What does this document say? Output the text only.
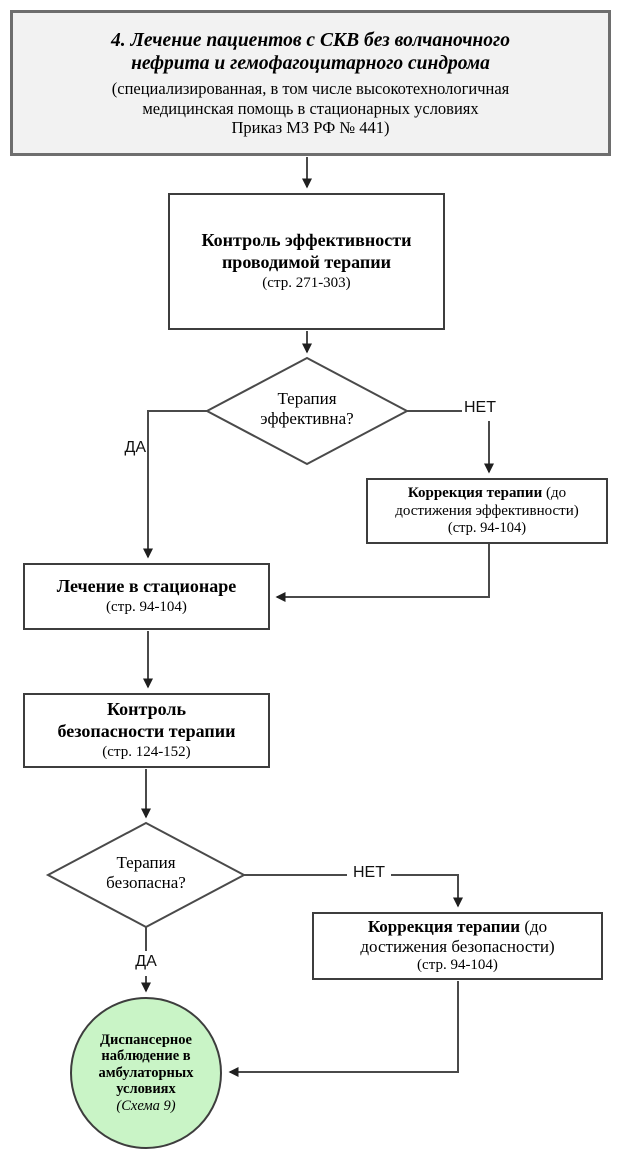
4. Лечение пациентов с СКВ без волчаночного
нефрита и гемофагоцитарного синдрома
(специализированная, в том числе высокотехнологичная
медицинская помощь в стационарных условиях
Приказ МЗ РФ № 441)
Контроль эффективности
проводимой терапии
(стр. 271-303)
Терапия
эффективна?
НЕТ
ДА
Коррекция терапии (до достижения эффективности)
(стр. 94-104)
Лечение в стационаре
(стр. 94-104)
Контроль
безопасности терапии
(стр. 124-152)
Терапия
безопасна?
НЕТ
ДА
Коррекция терапии (до достижения безопасности)
(стр. 94-104)
Диспансерное
наблюдение в
амбулаторных
условиях
(Схема 9)
